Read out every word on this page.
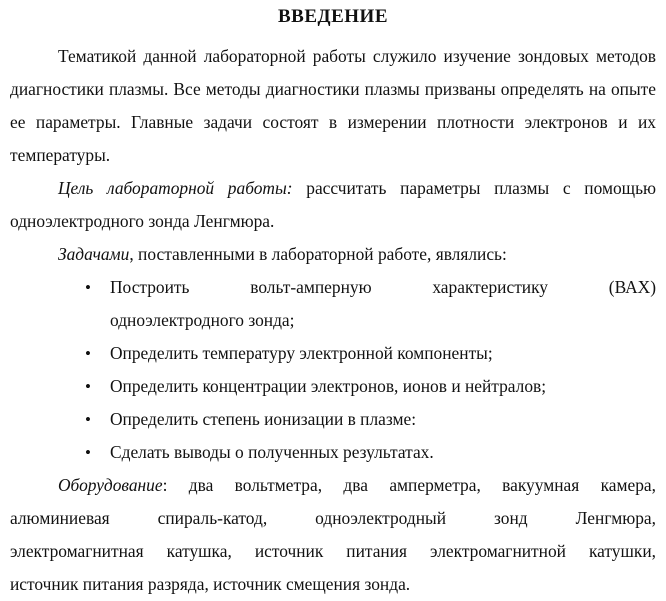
ВВЕДЕНИЕ

Тематикой данной лабораторной работы служило изучение зондовых методов диагностики плазмы. Все методы диагностики плазмы призваны определять на опыте ее параметры. Главные задачи состоят в измерении плотности электронов и их температуры.

Цель лабораторной работы: рассчитать параметры плазмы с помощью одноэлектродного зонда Ленгмюра.

Задачами, поставленными в лабораторной работе, являлись:

• Построить вольт-амперную характеристику (ВАХ)
одноэлектродного зонда;
• Определить температуру электронной компоненты;
• Определить концентрации электронов, ионов и нейтралов;
• Определить степень ионизации в плазме:
• Сделать выводы о полученных результатах.
Оборудование: два вольтметра, два амперметра, вакуумная камера,
алюминиевая спираль-катод, одноэлектродный зонд Ленгмюра,
электромагнитная катушка, источник питания электромагнитной катушки,
источник питания разряда, источник смещения зонда.
